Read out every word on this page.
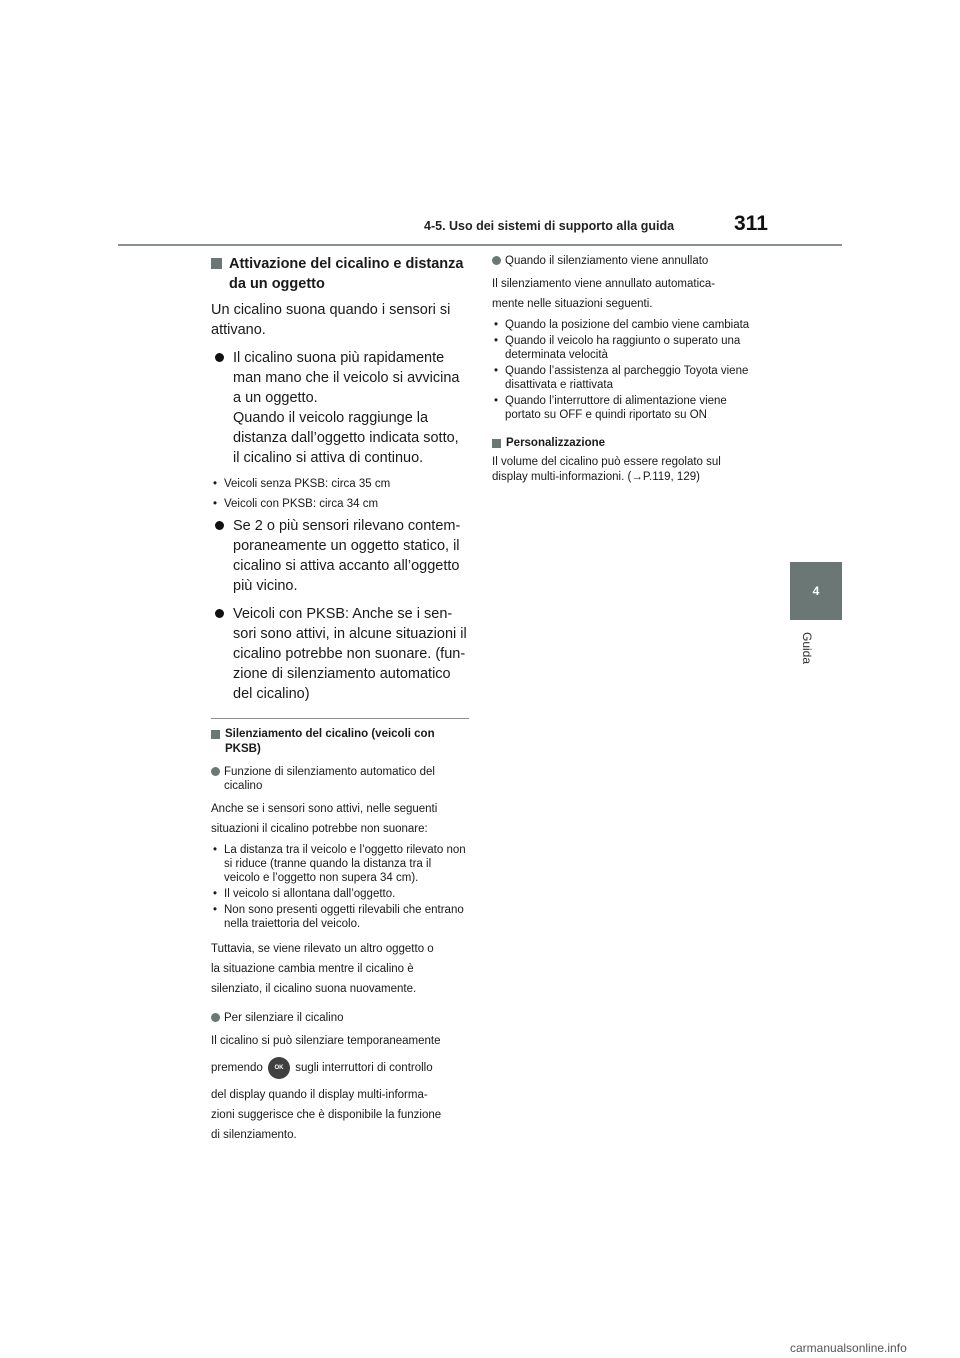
4-5. Uso dei sistemi di supporto alla guida	311
4
Guida
Attivazione del cicalino e distanza da un oggetto

Un cicalino suona quando i sensori si attivano.

Il cicalino suona più rapidamente man mano che il veicolo si avvicina a un oggetto.
Quando il veicolo raggiunge la distanza dall’oggetto indicata sotto, il cicalino si attiva di continuo.
• Veicoli senza PKSB: circa 35 cm
• Veicoli con PKSB: circa 34 cm
Se 2 o più sensori rilevano contem-poraneamente un oggetto statico, il cicalino si attiva accanto all’oggetto più vicino.
Veicoli con PKSB: Anche se i sen-sori sono attivi, in alcune situazioni il cicalino potrebbe non suonare. (fun-zione di silenziamento automatico del cicalino)
Silenziamento del cicalino (veicoli con PKSB)
Funzione di silenziamento automatico del cicalino

Anche se i sensori sono attivi, nelle seguenti

situazioni il cicalino potrebbe non suonare:

• La distanza tra il veicolo e l’oggetto rilevato non si riduce (tranne quando la distanza tra il veicolo e l’oggetto non supera 34 cm).
• Il veicolo si allontana dall’oggetto.
• Non sono presenti oggetti rilevabili che entrano nella traiettoria del veicolo.

Tuttavia, se viene rilevato un altro oggetto o

la situazione cambia mentre il cicalino è

silenziato, il cicalino suona nuovamente.

Per silenziare il cicalino

Il cicalino si può silenziare temporaneamente

premendo OK sugli interruttori di controllo

del display quando il display multi-informa-

zioni suggerisce che è disponibile la funzione

di silenziamento.

Quando il silenziamento viene annullato

Il silenziamento viene annullato automatica-

mente nelle situazioni seguenti.

• Quando la posizione del cambio viene cambiata
• Quando il veicolo ha raggiunto o superato una determinata velocità
• Quando l’assistenza al parcheggio Toyota viene disattivata e riattivata
• Quando l’interruttore di alimentazione viene portato su OFF e quindi riportato su ON
Personalizzazione

Il volume del cicalino può essere regolato sul display multi-informazioni. (→P.119, 129)

carmanualsonline.info
